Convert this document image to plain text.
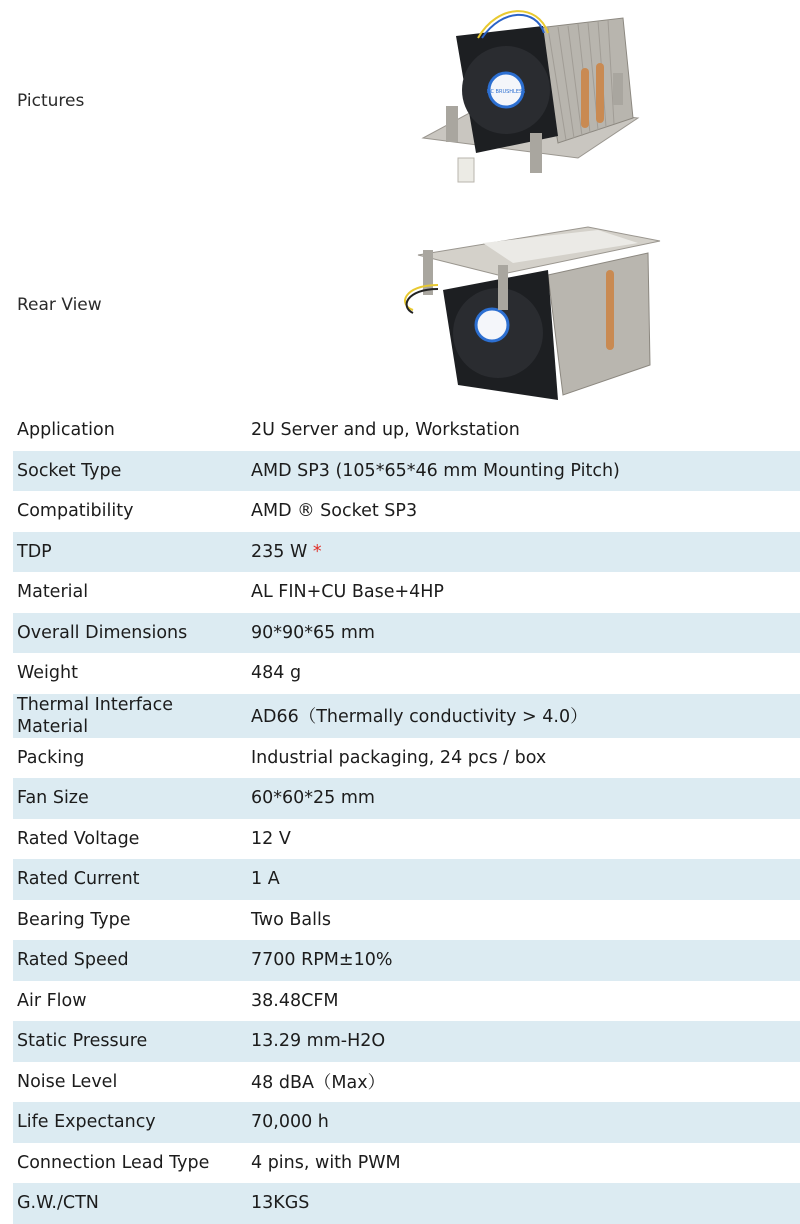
Pictures	DC BRUSHLESS
Rear View
Application	2U Server and up, Workstation
Socket Type	AMD SP3 (105*65*46 mm Mounting Pitch)
Compatibility	AMD ® Socket SP3
TDP	235 W *
Material	AL FIN+CU Base+4HP
Overall Dimensions	90*90*65 mm
Weight	484 g
Thermal Interface Material	AD66（Thermally conductivity > 4.0）
Packing	Industrial packaging, 24 pcs / box
Fan Size	60*60*25 mm
Rated Voltage	12 V
Rated Current	1 A
Bearing Type	Two Balls
Rated Speed	7700 RPM±10%
Air Flow	38.48CFM
Static Pressure	13.29 mm-H2O
Noise Level	48 dBA（Max）
Life Expectancy	70,000 h
Connection Lead Type	4 pins, with PWM
G.W./CTN	13KGS
